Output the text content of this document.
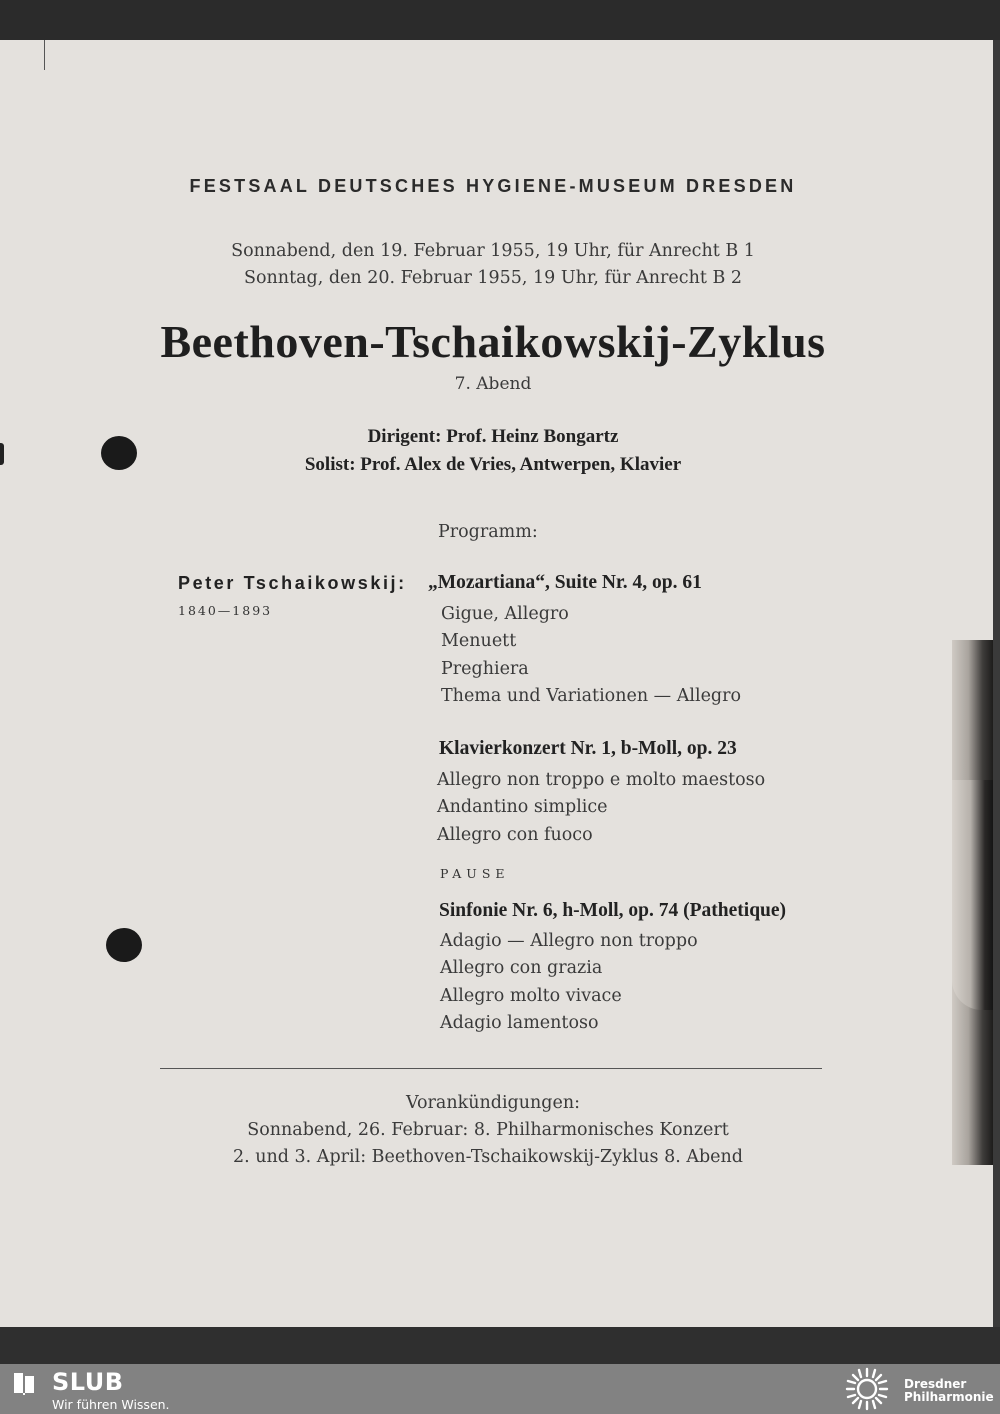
FESTSAAL DEUTSCHES HYGIENE-MUSEUM DRESDEN
Sonnabend, den 19. Februar 1955, 19 Uhr, für Anrecht B 1
Sonntag, den 20. Februar 1955, 19 Uhr, für Anrecht B 2
Beethoven-Tschaikowskij-Zyklus
7. Abend
Dirigent: Prof. Heinz Bongartz
Solist: Prof. Alex de Vries, Antwerpen, Klavier
Programm:
Peter Tschaikowskij:
1840—1893
„Mozartiana“, Suite Nr. 4, op. 61
Gigue, Allegro
Menuett
Preghiera
Thema und Variationen — Allegro
Klavierkonzert Nr. 1, b-Moll, op. 23
Allegro non troppo e molto maestoso
Andantino simplice
Allegro con fuoco
PAUSE
Sinfonie Nr. 6, h-Moll, op. 74 (Pathetique)
Adagio — Allegro non troppo
Allegro con grazia
Allegro molto vivace
Adagio lamentoso
Vorankündigungen:
Sonnabend, 26. Februar: 8. Philharmonisches Konzert
2. und 3. April: Beethoven-Tschaikowskij-Zyklus 8. Abend
SLUB
Wir führen Wissen.
Dresdner
Philharmonie
